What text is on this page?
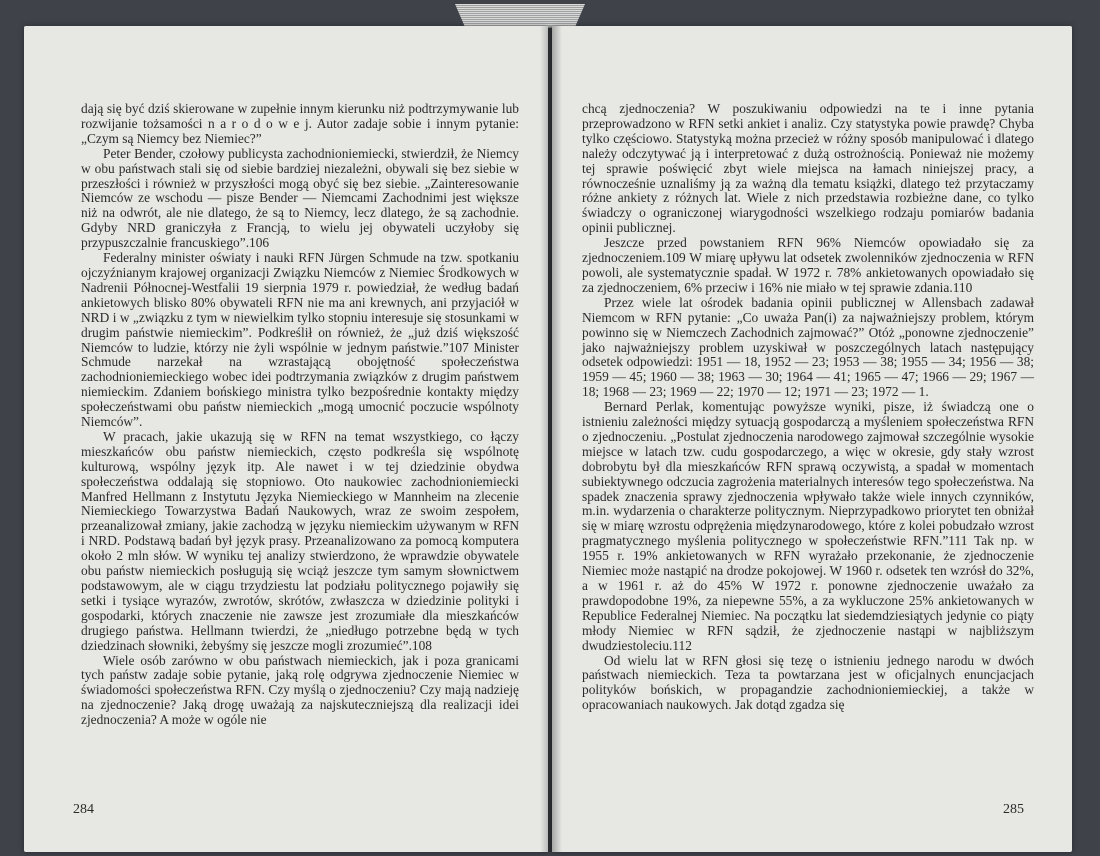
dają się być dziś skierowane w zupełnie innym kierunku niż podtrzymywanie lub rozwijanie tożsamości n a r o d o w e j. Autor zadaje sobie i innym pytanie: „Czym są Niemcy bez Niemiec?”

Peter Bender, czołowy publicysta zachodnioniemiecki, stwierdził, że Niemcy w obu państwach stali się od siebie bardziej niezależni, obywali się bez siebie w przeszłości i również w przyszłości mogą obyć się bez siebie. „Zainteresowanie Niemców ze wschodu — pisze Bender — Niemcami Zachodnimi jest większe niż na odwrót, ale nie dlatego, że są to Niemcy, lecz dlatego, że są zachodnie. Gdyby NRD graniczyła z Francją, to wielu jej obywateli uczyłoby się przypuszczalnie francuskiego”.106

Federalny minister oświaty i nauki RFN Jürgen Schmude na tzw. spotkaniu ojczyźnianym krajowej organizacji Związku Niemców z Niemiec Środkowych w Nadrenii Północnej-Westfalii 19 sierpnia 1979 r. powiedział, że według badań ankietowych blisko 80% obywateli RFN nie ma ani krewnych, ani przyjaciół w NRD i w „związku z tym w niewielkim tylko stopniu interesuje się stosunkami w drugim państwie niemieckim”. Podkreślił on również, że „już dziś większość Niemców to ludzie, którzy nie żyli wspólnie w jednym państwie.”107 Minister Schmude narzekał na wzrastającą obojętność społeczeństwa zachodnioniemieckiego wobec idei podtrzymania związków z drugim państwem niemieckim. Zdaniem bońskiego ministra tylko bezpośrednie kontakty między społeczeństwami obu państw niemieckich „mogą umocnić poczucie wspólnoty Niemców”.

W pracach, jakie ukazują się w RFN na temat wszystkiego, co łączy mieszkańców obu państw niemieckich, często podkreśla się wspólnotę kulturową, wspólny język itp. Ale nawet i w tej dziedzinie obydwa społeczeństwa oddalają się stopniowo. Oto naukowiec zachodnioniemiecki Manfred Hellmann z Instytutu Języka Niemieckiego w Mannheim na zlecenie Niemieckiego Towarzystwa Badań Naukowych, wraz ze swoim zespołem, przeanalizował zmiany, jakie zachodzą w języku niemieckim używanym w RFN i NRD. Podstawą badań był język prasy. Przeanalizowano za pomocą komputera około 2 mln słów. W wyniku tej analizy stwierdzono, że wprawdzie obywatele obu państw niemieckich posługują się wciąż jeszcze tym samym słownictwem podstawowym, ale w ciągu trzydziestu lat podziału politycznego pojawiły się setki i tysiące wyrazów, zwrotów, skrótów, zwłaszcza w dziedzinie polityki i gospodarki, których znaczenie nie zawsze jest zrozumiałe dla mieszkańców drugiego państwa. Hellmann twierdzi, że „niedługo potrzebne będą w tych dziedzinach słowniki, żebyśmy się jeszcze mogli zrozumieć”.108

Wiele osób zarówno w obu państwach niemieckich, jak i poza granicami tych państw zadaje sobie pytanie, jaką rolę odgrywa zjednoczenie Niemiec w świadomości społeczeństwa RFN. Czy myślą o zjednoczeniu? Czy mają nadzieję na zjednoczenie? Jaką drogę uważają za najskuteczniejszą dla realizacji idei zjednoczenia? A może w ogóle nie

284

chcą zjednoczenia? W poszukiwaniu odpowiedzi na te i inne pytania przeprowadzono w RFN setki ankiet i analiz. Czy statystyka powie prawdę? Chyba tylko częściowo. Statystyką można przecież w różny sposób manipulować i dlatego należy odczytywać ją i interpretować z dużą ostrożnością. Ponieważ nie możemy tej sprawie poświęcić zbyt wiele miejsca na łamach niniejszej pracy, a równocześnie uznaliśmy ją za ważną dla tematu książki, dlatego też przytaczamy różne ankiety z różnych lat. Wiele z nich przedstawia rozbieżne dane, co tylko świadczy o ograniczonej wiarygodności wszelkiego rodzaju pomiarów badania opinii publicznej.

Jeszcze przed powstaniem RFN 96% Niemców opowiadało się za zjednoczeniem.109 W miarę upływu lat odsetek zwolenników zjednoczenia w RFN powoli, ale systematycznie spadał. W 1972 r. 78% ankietowanych opowiadało się za zjednoczeniem, 6% przeciw i 16% nie miało w tej sprawie zdania.110

Przez wiele lat ośrodek badania opinii publicznej w Allensbach zadawał Niemcom w RFN pytanie: „Co uważa Pan(i) za najważniejszy problem, którym powinno się w Niemczech Zachodnich zajmować?” Otóż „ponowne zjednoczenie” jako najważniejszy problem uzyskiwał w poszczególnych latach następujący odsetek odpowiedzi: 1951 — 18, 1952 — 23; 1953 — 38; 1955 — 34; 1956 — 38; 1959 — 45; 1960 — 38; 1963 — 30; 1964 — 41; 1965 — 47; 1966 — 29; 1967 — 18; 1968 — 23; 1969 — 22; 1970 — 12; 1971 — 23; 1972 — 1.

Bernard Perlak, komentując powyższe wyniki, pisze, iż świadczą one o istnieniu zależności między sytuacją gospodarczą a myśleniem społeczeństwa RFN o zjednoczeniu. „Postulat zjednoczenia narodowego zajmował szczególnie wysokie miejsce w latach tzw. cudu gospodarczego, a więc w okresie, gdy stały wzrost dobrobytu był dla mieszkańców RFN sprawą oczywistą, a spadał w momentach subiektywnego odczucia zagrożenia materialnych interesów tego społeczeństwa. Na spadek znaczenia sprawy zjednoczenia wpływało także wiele innych czynników, m.in. wydarzenia o charakterze politycznym. Nieprzypadkowo priorytet ten obniżał się w miarę wzrostu odprężenia międzynarodowego, które z kolei pobudzało wzrost pragmatycznego myślenia politycznego w społeczeństwie RFN.”111 Tak np. w 1955 r. 19% ankietowanych w RFN wyrażało przekonanie, że zjednoczenie Niemiec może nastąpić na drodze pokojowej. W 1960 r. odsetek ten wzrósł do 32%, a w 1961 r. aż do 45% W 1972 r. ponowne zjednoczenie uważało za prawdopodobne 19%, za niepewne 55%, a za wykluczone 25% ankietowanych w Republice Federalnej Niemiec. Na początku lat siedemdziesiątych jedynie co piąty młody Niemiec w RFN sądził, że zjednoczenie nastąpi w najbliższym dwudziestoleciu.112

Od wielu lat w RFN głosi się tezę o istnieniu jednego narodu w dwóch państwach niemieckich. Teza ta powtarzana jest w oficjalnych enuncjacjach polityków bońskich, w propagandzie zachodnioniemieckiej, a także w opracowaniach naukowych. Jak dotąd zgadza się

285
